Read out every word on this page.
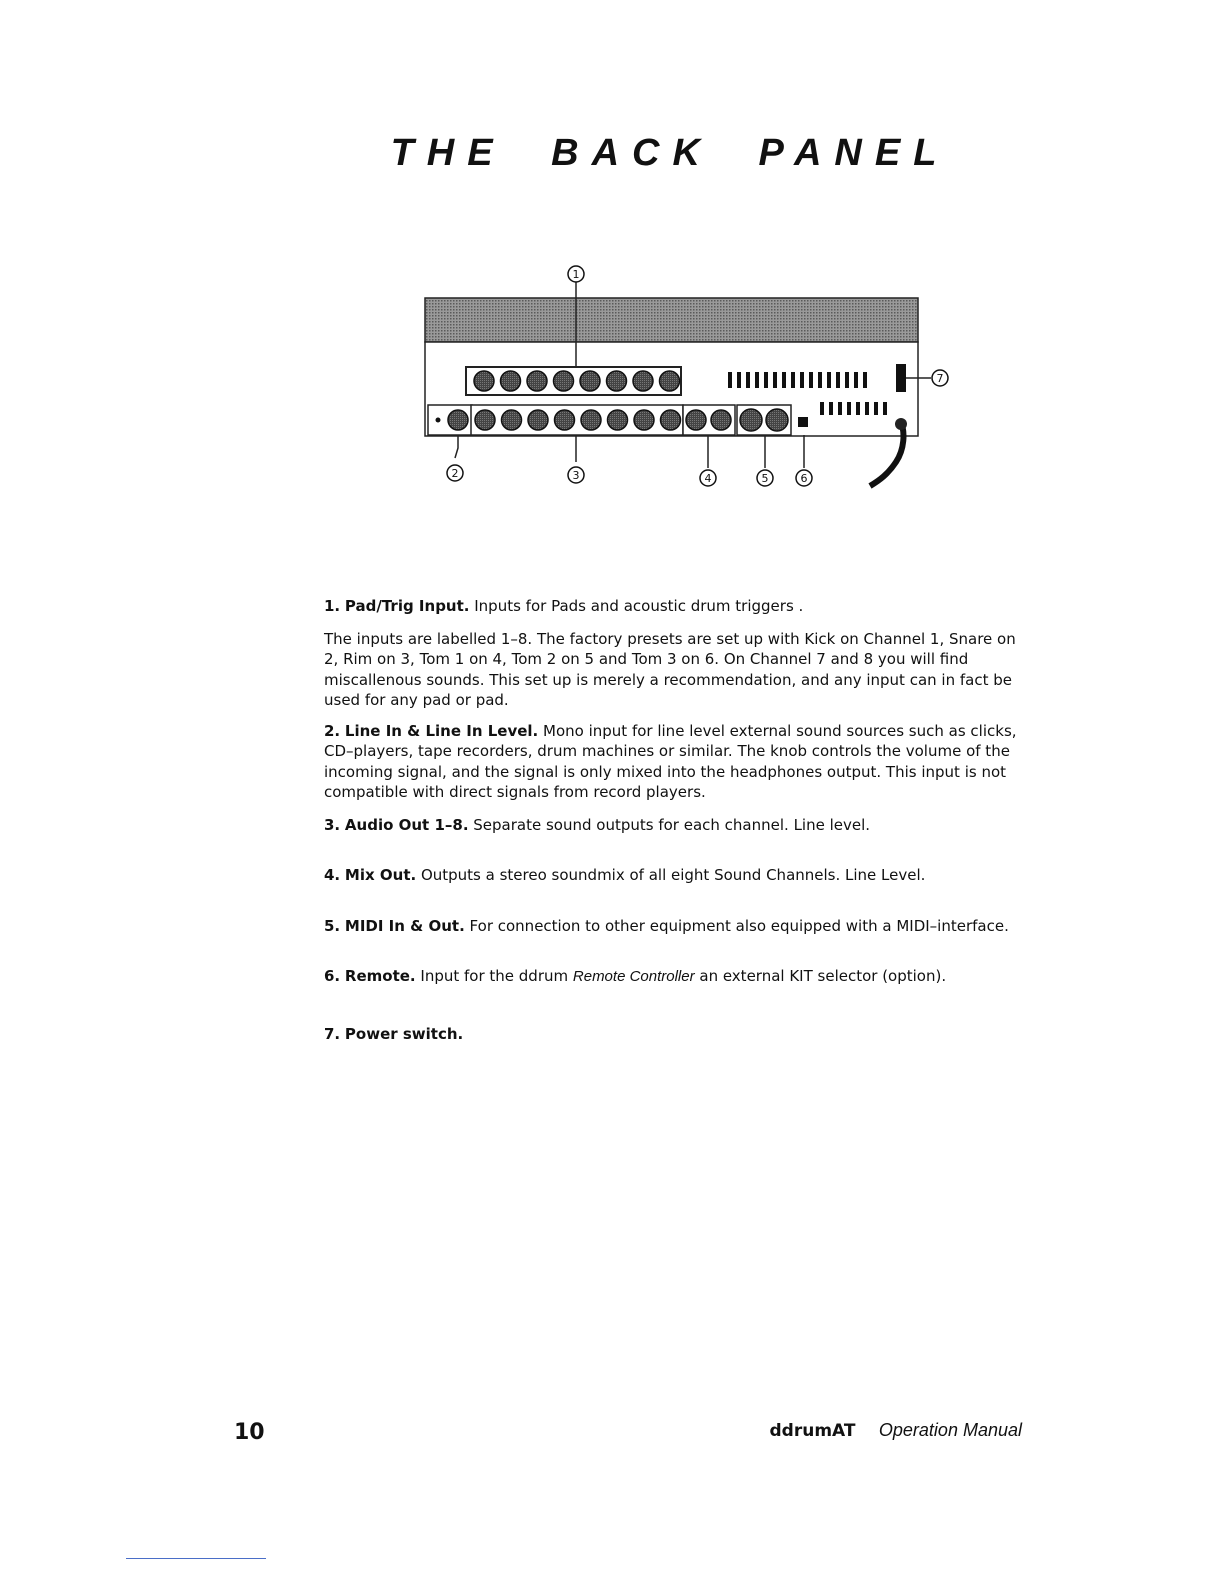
THE BACK PANEL
1
2	3	4	5	6
7

1. Pad/Trig Input. Inputs for Pads and acoustic drum triggers .

The inputs are labelled 1–8. The factory presets are set up with Kick on Channel 1, Snare on 2, Rim on 3, Tom 1 on 4, Tom 2 on 5 and Tom 3 on 6. On Channel 7 and 8 you will find miscallenous sounds. This set up is merely a recommendation, and any input can in fact be used for any pad or pad.

2. Line In & Line In Level. Mono input for line level external sound sources such as clicks, CD–players, tape recorders, drum machines or similar. The knob controls the volume of the incoming signal, and the signal is only mixed into the headphones output. This input is not compatible with direct signals from record players.

3. Audio Out 1–8. Separate sound outputs for each channel. Line level.

4. Mix Out. Outputs a stereo soundmix of all eight Sound Channels. Line Level.

5. MIDI In & Out. For connection to other equipment also equipped with a MIDI–interface.

6. Remote. Input for the ddrum Remote Controller an external KIT selector (option).

7. Power switch.

10	ddrumAT Operation Manual
